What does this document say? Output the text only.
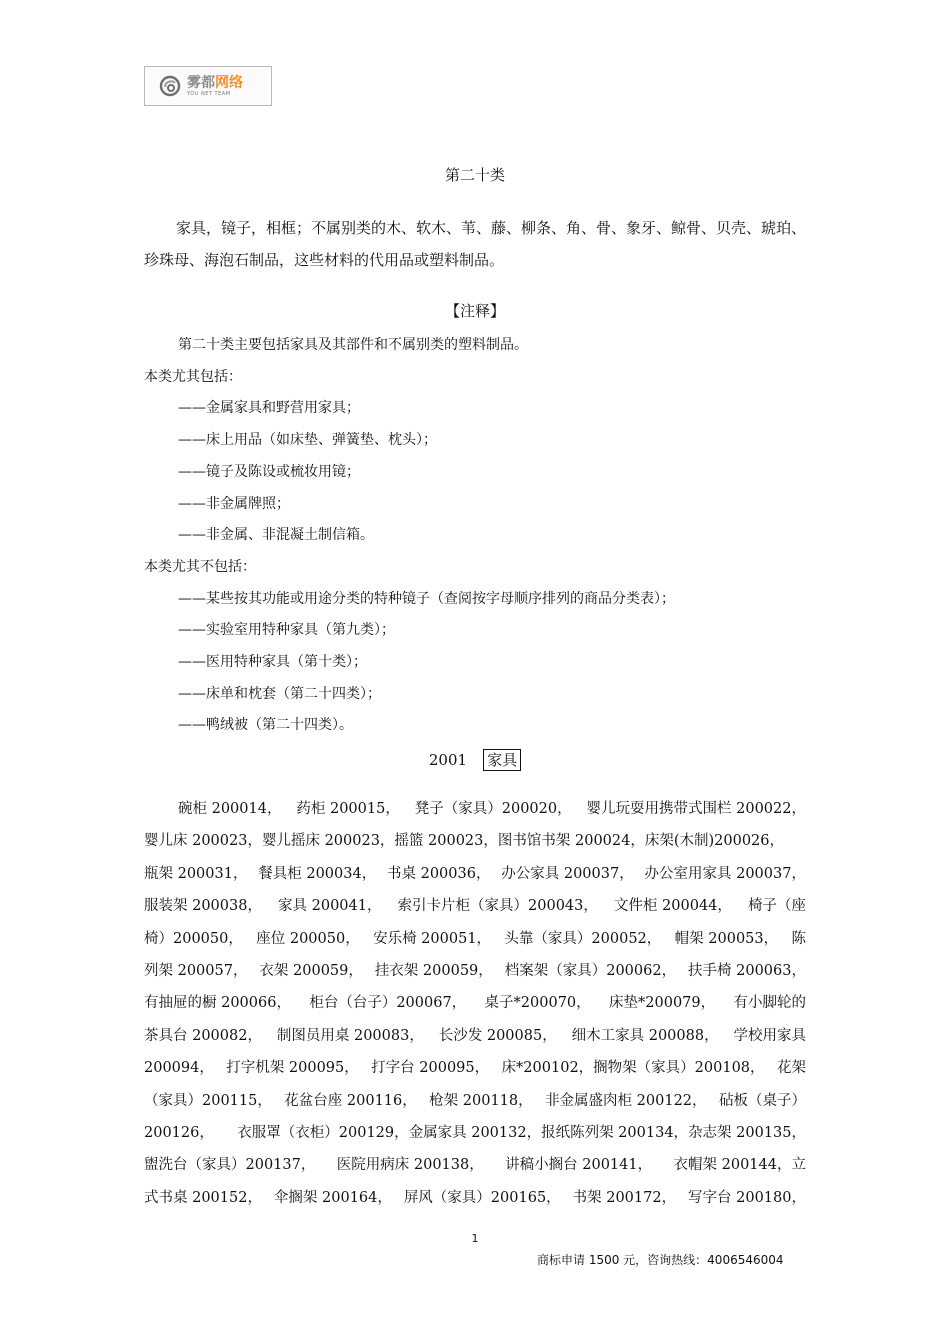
雾都网络
YOU NET TEAM
第二十类
家具，镜子，相框；不属别类的木、软木、苇、藤、柳条、角、骨、象牙、鲸骨、贝壳、琥珀、珍珠母、海泡石制品，这些材料的代用品或塑料制品。
【注释】
第二十类主要包括家具及其部件和不属别类的塑料制品。
本类尤其包括：
——金属家具和野营用家具；
——床上用品（如床垫、弹簧垫、枕头）；
——镜子及陈设或梳妆用镜；
——非金属牌照；
——非金属、非混凝土制信箱。
本类尤其不包括：
——某些按其功能或用途分类的特种镜子（查阅按字母顺序排列的商品分类表）；
——实验室用特种家具（第九类）；
——医用特种家具（第十类）；
——床单和枕套（第二十四类）；
——鸭绒被（第二十四类）。
2001 家具
碗柜 200014， 药柜 200015， 凳子（家具）200020， 婴儿玩耍用携带式围栏 200022，
婴儿床 200023，婴儿摇床 200023，摇篮 200023，图书馆书架 200024，床架(木制)200026，
瓶架 200031， 餐具柜 200034， 书桌 200036， 办公家具 200037， 办公室用家具 200037，
服装架 200038， 家具 200041， 索引卡片柜（家具）200043， 文件柜 200044， 椅子（座
椅）200050， 座位 200050， 安乐椅 200051， 头靠（家具）200052， 帽架 200053， 陈
列架 200057， 衣架 200059， 挂衣架 200059， 档案架（家具）200062， 扶手椅 200063，
有抽屉的橱 200066， 柜台（台子）200067， 桌子*200070， 床垫*200079， 有小脚轮的
茶具台 200082， 制图员用桌 200083， 长沙发 200085， 细木工家具 200088， 学校用家具
200094， 打字机架 200095， 打字台 200095， 床*200102，搁物架（家具）200108， 花架
（家具）200115， 花盆台座 200116， 枪架 200118， 非金属盛肉柜 200122， 砧板（桌子）
200126， 衣服罩（衣柜）200129，金属家具 200132，报纸陈列架 200134，杂志架 200135，
盥洗台（家具）200137， 医院用病床 200138， 讲稿小搁台 200141， 衣帽架 200144，立
式书桌 200152， 伞搁架 200164， 屏风（家具）200165， 书架 200172， 写字台 200180，
1
商标申请 1500 元，咨询热线：4006546004
